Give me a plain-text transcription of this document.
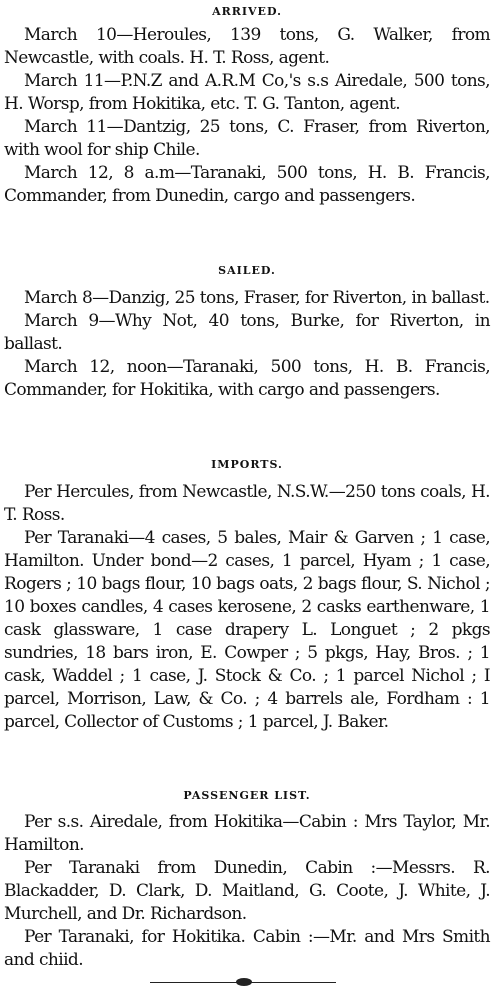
ARRIVED.

March 10—Heroules, 139 tons, G. Walker, from Newcastle, with coals. H. T. Ross, agent.

March 11—P.N.Z and A.R.M Co,'s s.s Airedale, 500 tons, H. Worsp, from Hokitika, etc. T. G. Tanton, agent.

March 11—Dantzig, 25 tons, C. Fraser, from Riverton, with wool for ship Chile.

March 12, 8 a.m—Taranaki, 500 tons, H. B. Francis, Commander, from Dunedin, cargo and passengers.

SAILED.

March 8—Danzig, 25 tons, Fraser, for Riverton, in ballast.

March 9—Why Not, 40 tons, Burke, for Riverton, in ballast.

March 12, noon—Taranaki, 500 tons, H. B. Francis, Commander, for Hokitika, with cargo and passengers.

IMPORTS.

Per Hercules, from Newcastle, N.S.W.—250 tons coals, H. T. Ross.

Per Taranaki—4 cases, 5 bales, Mair & Garven ; 1 case, Hamilton. Under bond—2 cases, 1 parcel, Hyam ; 1 case, Rogers ; 10 bags flour, 10 bags oats, 2 bags flour, S. Nichol ; 10 boxes candles, 4 cases kerosene, 2 casks earthenware, 1 cask glassware, 1 case drapery L. Longuet ; 2 pkgs sundries, 18 bars iron, E. Cowper ; 5 pkgs, Hay, Bros. ; 1 cask, Waddel ; 1 case, J. Stock & Co. ; 1 parcel Nichol ; I parcel, Morrison, Law, & Co. ; 4 barrels ale, Fordham : 1 parcel, Collector of Customs ; 1 parcel, J. Baker.

PASSENGER LIST.

Per s.s. Airedale, from Hokitika—Cabin : Mrs Taylor, Mr. Hamilton.

Per Taranaki from Dunedin, Cabin :—Messrs. R. Blackadder, D. Clark, D. Maitland, G. Coote, J. White, J. Murchell, and Dr. Richardson.

Per Taranaki, for Hokitika. Cabin :—Mr. and Mrs Smith and chiid.
